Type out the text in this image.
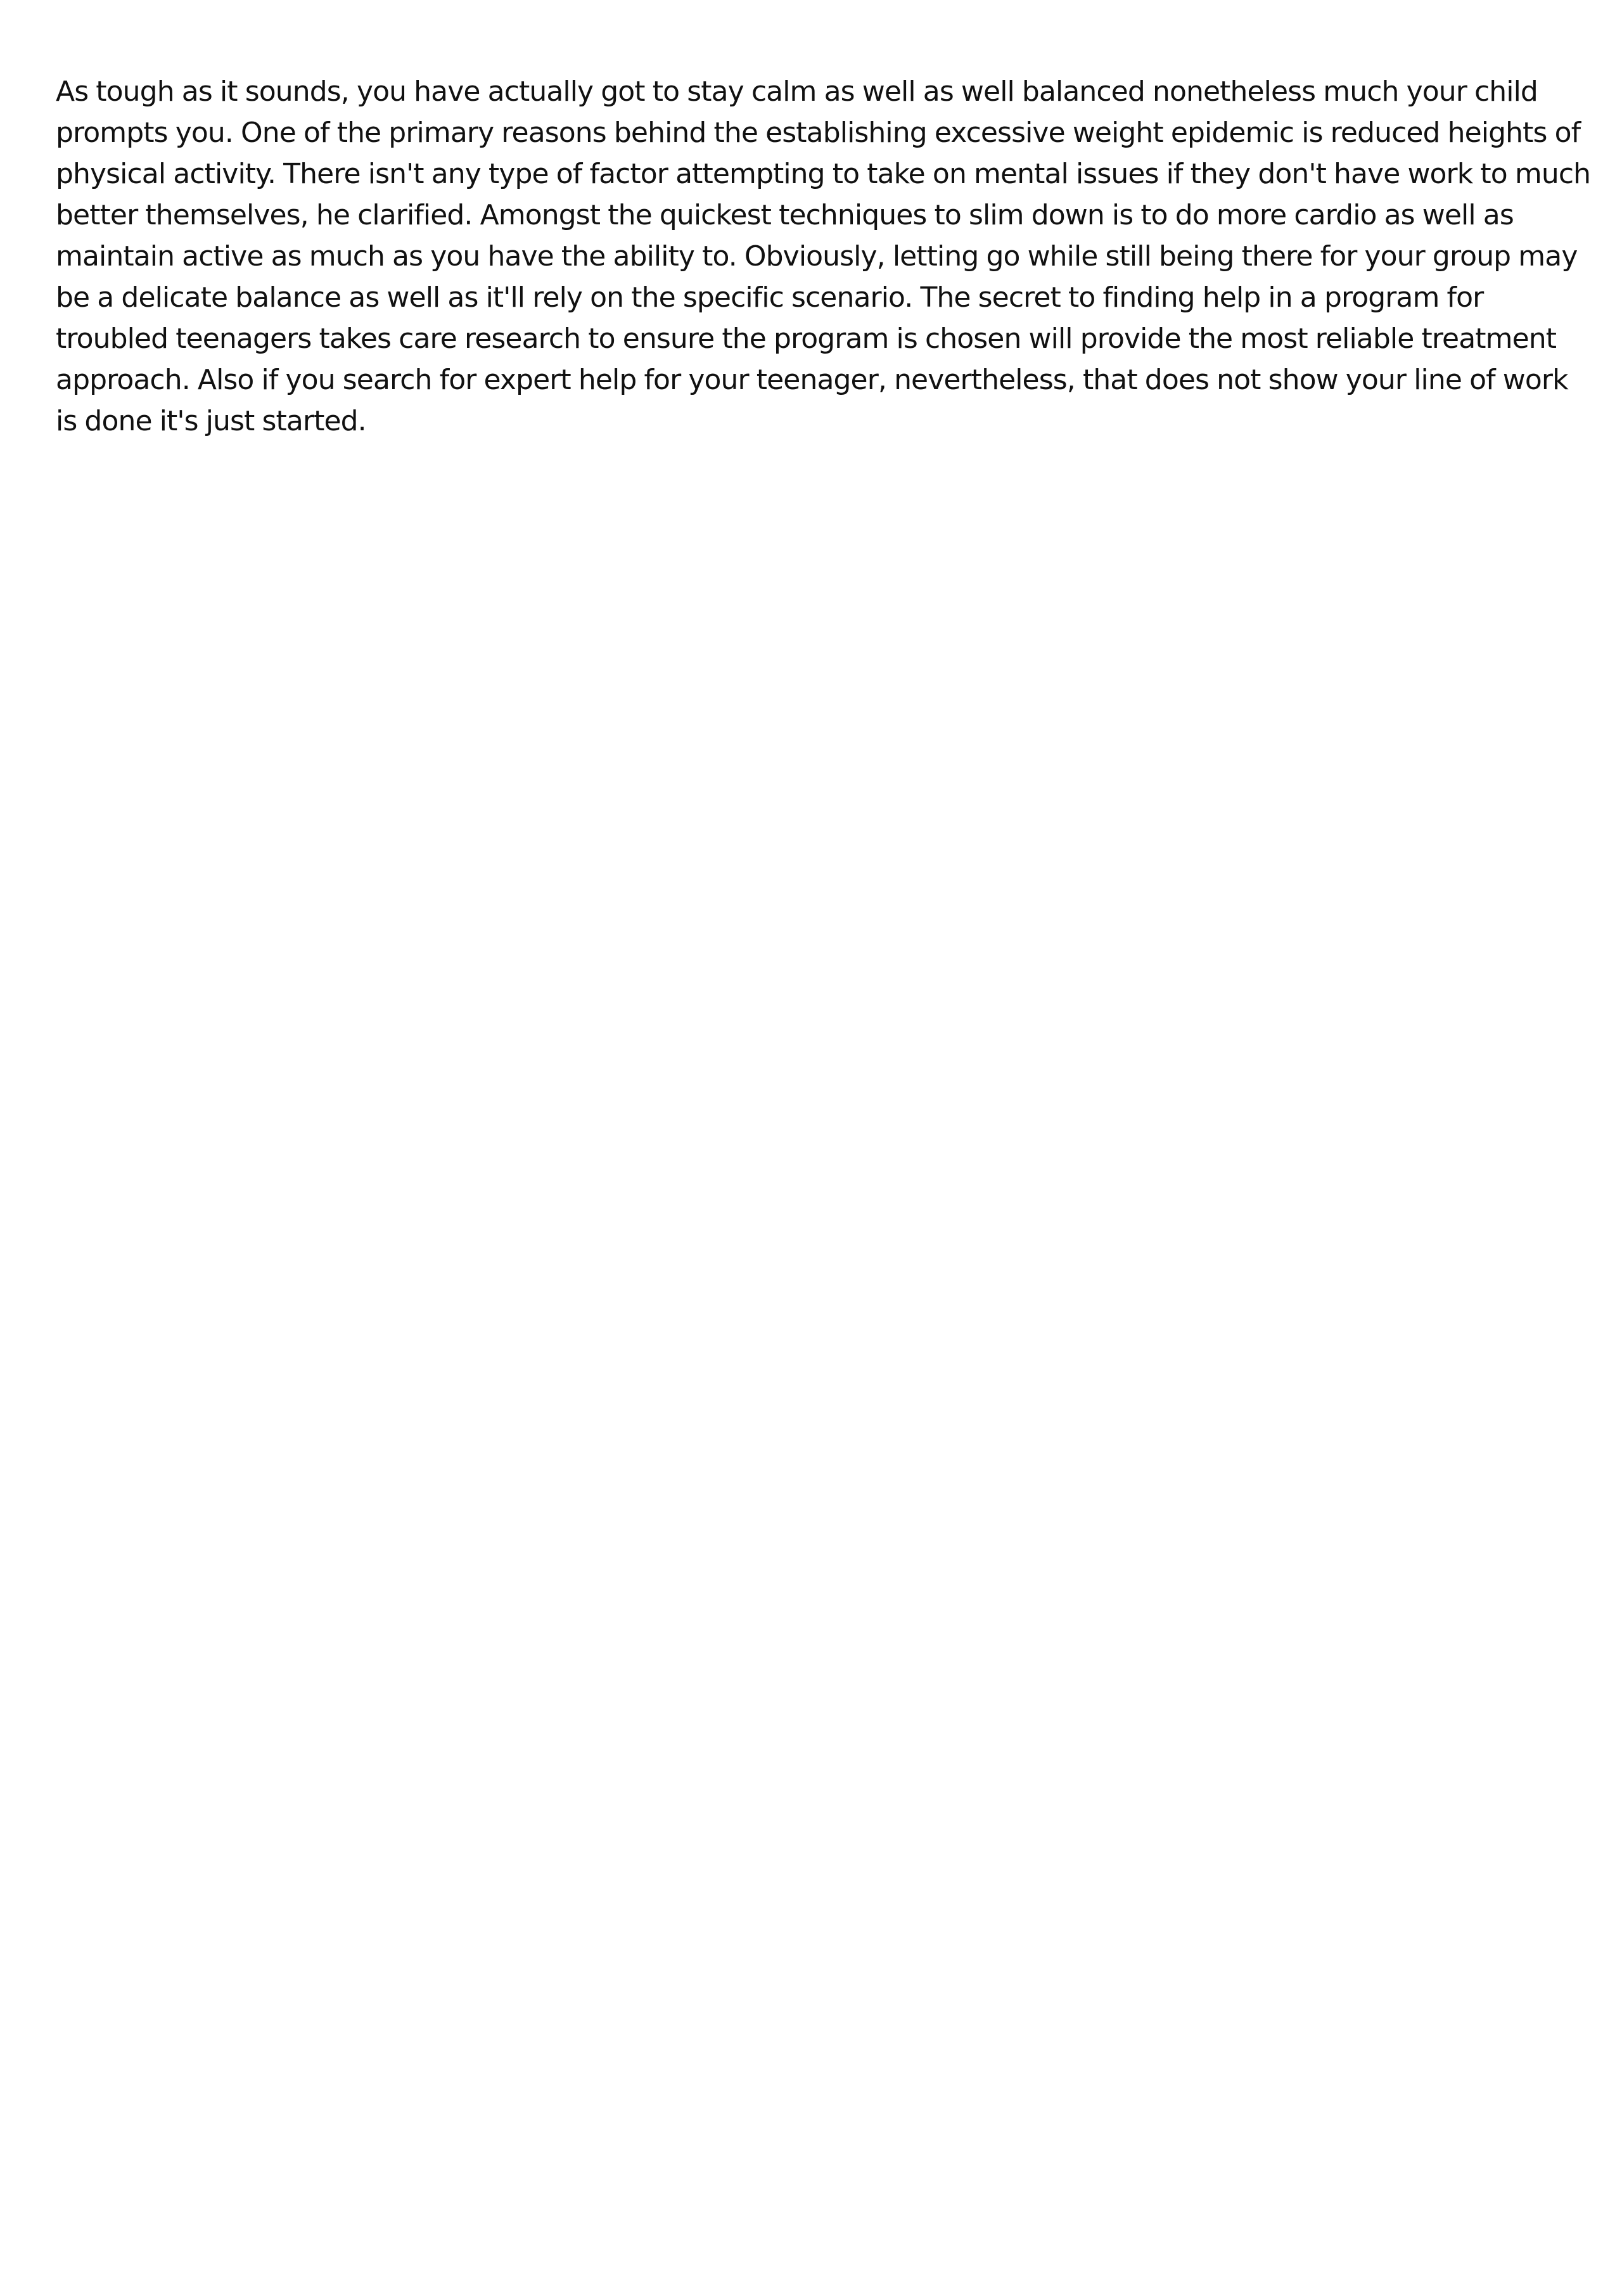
As tough as it sounds, you have actually got to stay calm as well as well balanced nonetheless much your child
prompts you. One of the primary reasons behind the establishing excessive weight epidemic is reduced heights of
physical activity. There isn't any type of factor attempting to take on mental issues if they don't have work to much
better themselves, he clarified. Amongst the quickest techniques to slim down is to do more cardio as well as
maintain active as much as you have the ability to. Obviously, letting go while still being there for your group may
be a delicate balance as well as it'll rely on the specific scenario. The secret to finding help in a program for
troubled teenagers takes care research to ensure the program is chosen will provide the most reliable treatment
approach. Also if you search for expert help for your teenager, nevertheless, that does not show your line of work
is done it's just started.
